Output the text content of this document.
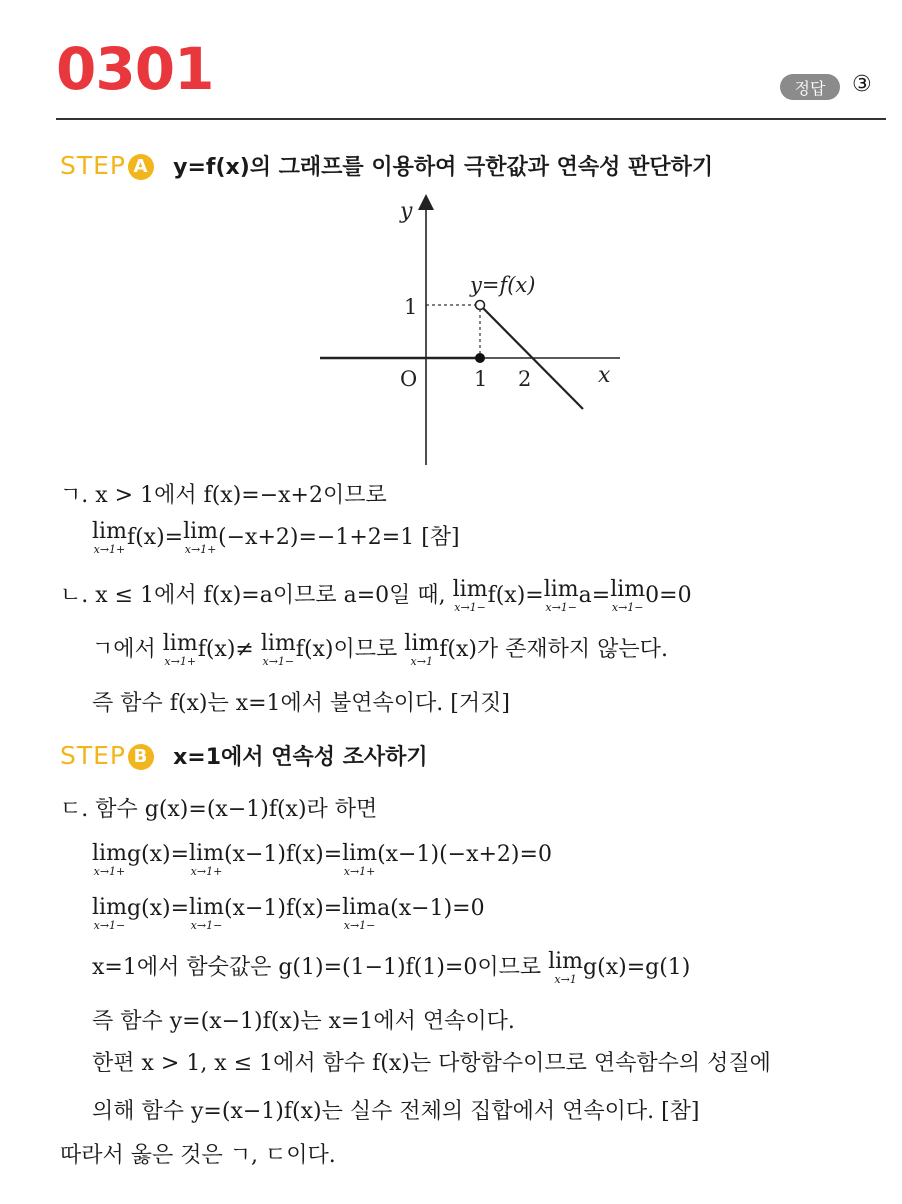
0301	정답	③
STEP A y=f(x)의 그래프를 이용하여 극한값과 연속성 판단하기
y
x
O	1 2
1
y=f(x)
ㄱ. x > 1에서 f(x)=−x+2이므로
lim
x→1+ f(x)=lim
x→1+ (−x+2)=−1+2=1 [참]
ㄴ. x ≤ 1에서 f(x)=a이므로 a=0일 때, lim
x→1− f(x)=lim
x→1− a=lim
x→1− 0=0
ㄱ에서 lim
x→1+ f(x)≠ lim
x→1− f(x)이므로 lim
x→1 f(x)가 존재하지 않는다.
즉 함수 f(x)는 x=1에서 불연속이다. [거짓]
STEP B x=1에서 연속성 조사하기
ㄷ. 함수 g(x)=(x−1)f(x)라 하면
lim
x→1+
g(x)=lim
x→1+
(x−1)f(x)=lim
x→1+
(x−1)(−x+2)=0
lim
x→1−
g(x)=lim
x→1−
(x−1)f(x)=lim
x→1−
a(x−1)=0
x=1에서 함숫값은 g(1)=(1−1)f(1)=0이므로 lim
x→1 g(x)=g(1)
즉 함수 y=(x−1)f(x)는 x=1에서 연속이다.
한편 x > 1, x ≤ 1에서 함수 f(x)는 다항함수이므로 연속함수의 성질에
의해 함수 y=(x−1)f(x)는 실수 전체의 집합에서 연속이다. [참]
따라서 옳은 것은 ㄱ, ㄷ이다.
